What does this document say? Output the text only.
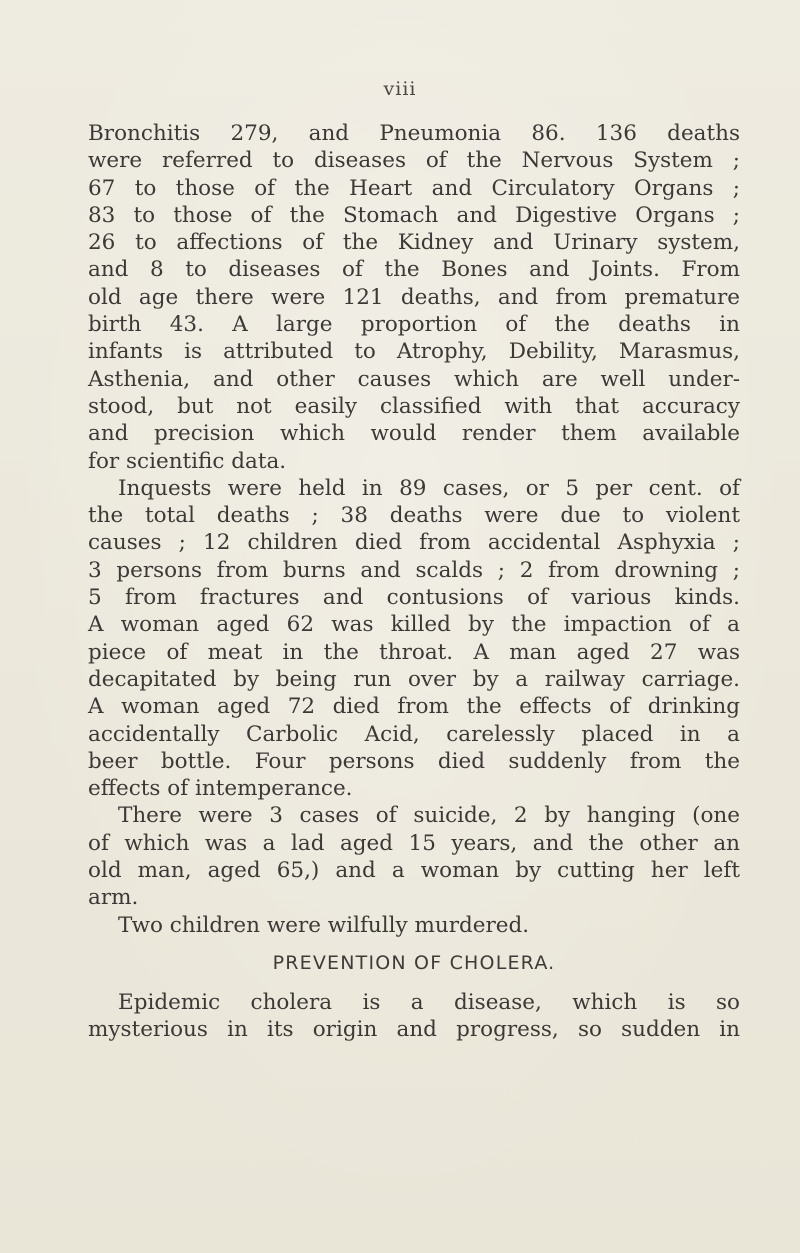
viii
Bronchitis 279, and Pneumonia 86. 136 deaths
were referred to diseases of the Nervous System ;
67 to those of the Heart and Circulatory Organs ;
83 to those of the Stomach and Digestive Organs ;
26 to affections of the Kidney and Urinary system,
and 8 to diseases of the Bones and Joints. From
old age there were 121 deaths, and from premature
birth 43. A large proportion of the deaths in
infants is attributed to Atrophy, Debility, Marasmus,
Asthenia, and other causes which are well under-
stood, but not easily classified with that accuracy
and precision which would render them available
for scientific data.
Inquests were held in 89 cases, or 5 per cent. of
the total deaths ; 38 deaths were due to violent
causes ; 12 children died from accidental Asphyxia ;
3 persons from burns and scalds ; 2 from drowning ;
5 from fractures and contusions of various kinds.
A woman aged 62 was killed by the impaction of a
piece of meat in the throat. A man aged 27 was
decapitated by being run over by a railway carriage.
A woman aged 72 died from the effects of drinking
accidentally Carbolic Acid, carelessly placed in a
beer bottle. Four persons died suddenly from the
effects of intemperance.
There were 3 cases of suicide, 2 by hanging (one
of which was a lad aged 15 years, and the other an
old man, aged 65,) and a woman by cutting her left
arm.
Two children were wilfully murdered.
PREVENTION OF CHOLERA.
Epidemic cholera is a disease, which is so
mysterious in its origin and progress, so sudden in
